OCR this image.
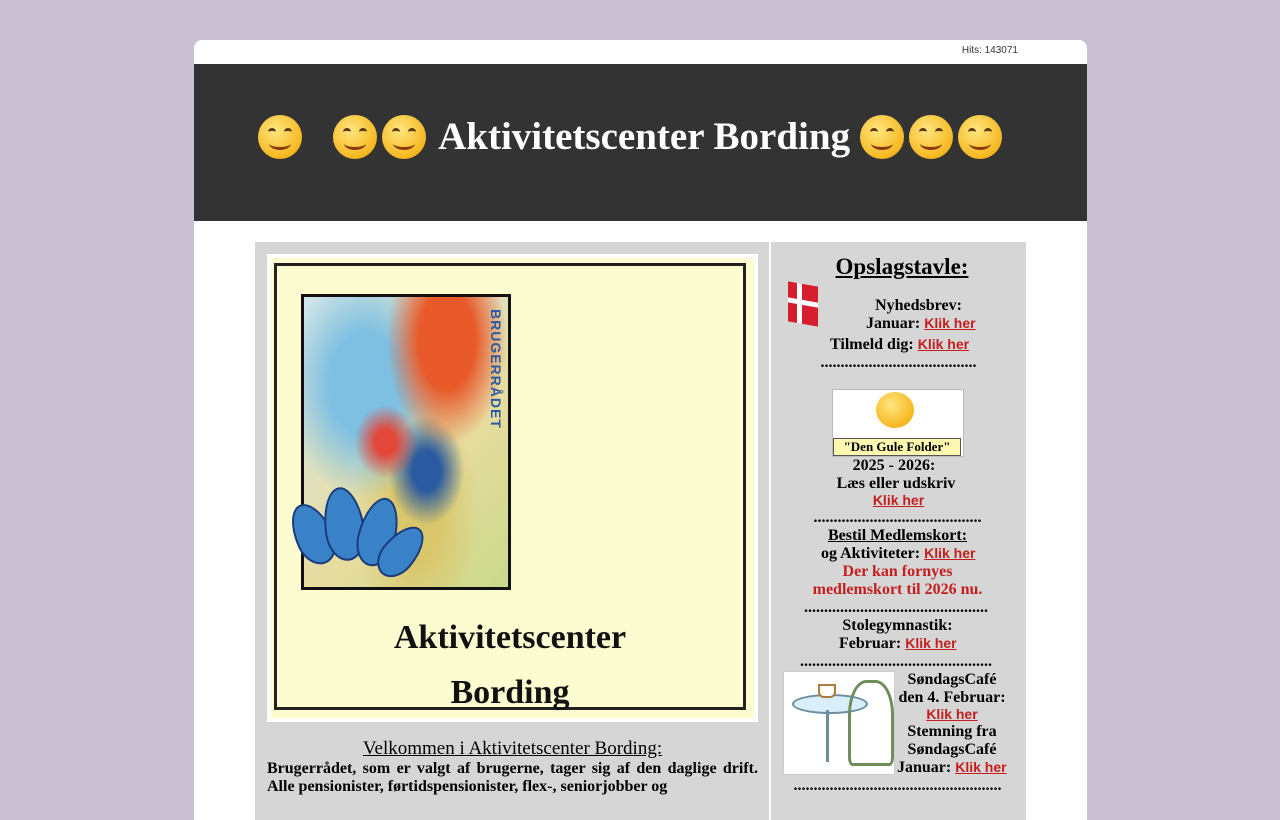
Hits: 143071

Aktivitetscenter Bording
Til Forsiden Brugerrådet	Billed-galleri	Frivillig	Aktiviteter Til de spilleglade Bus-ordning Motions-centret
BRUGERRÅDET
Aktivitetscenter
Bording
Velkommen i Aktivitetscenter Bording:
Brugerrådet, som er valgt af brugerne, tager sig af den daglige drift. Alle pensionister, førtidspensionister, flex-, seniorjobber og
Opslagstavle:
Nyhedsbrev:
Januar: Klik her
Tilmeld dig: Klik her
.......................................
"Den Gule Folder"
2025 - 2026:
Læs eller udskriv
Klik her
..........................................
Bestil Medlemskort:
og Aktiviteter: Klik her
Der kan fornyes
medlemskort til 2026 nu.
..............................................
Stolegymnastik:
Februar: Klik her
................................................
SøndagsCafé
den 4. Februar:
Klik her
Stemning fra
SøndagsCafé
Januar: Klik her
....................................................
